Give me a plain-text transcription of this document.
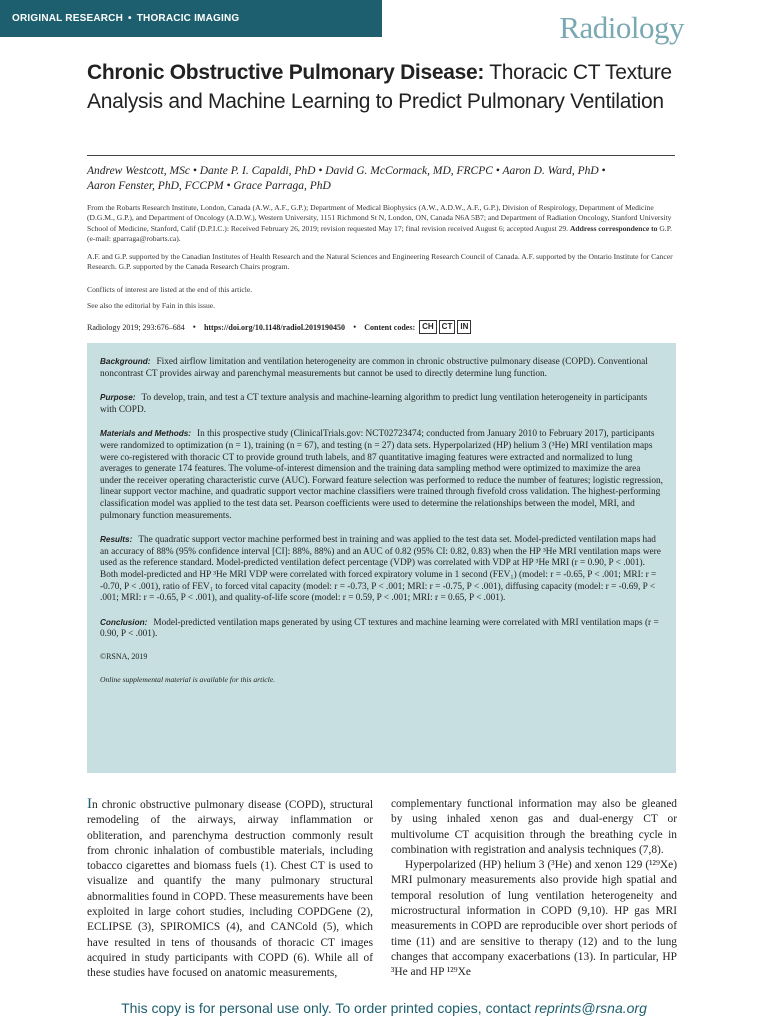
ORIGINAL RESEARCH • THORACIC IMAGING	Radiology
Chronic Obstructive Pulmonary Disease: Thoracic CT Texture Analysis and Machine Learning to Predict Pulmonary Ventilation
Andrew Westcott, MSc • Dante P. I. Capaldi, PhD • David G. McCormack, MD, FRCPC • Aaron D. Ward, PhD •
Aaron Fenster, PhD, FCCPM • Grace Parraga, PhD
From the Robarts Research Institute, London, Canada (A.W., A.F., G.P.); Department of Medical Biophysics (A.W., A.D.W., A.F., G.P.), Division of Respirology, Department of Medicine (D.G.M., G.P.), and Department of Oncology (A.D.W.), Western University, 1151 Richmond St N, London, ON, Canada N6A 5B7; and Department of Radiation Oncology, Stanford University School of Medicine, Stanford, Calif (D.P.I.C.): Received February 26, 2019; revision requested May 17; final revision received August 6; accepted August 29. Address correspondence to G.P. (e-mail: gparraga@robarts.ca).
A.F. and G.P. supported by the Canadian Institutes of Health Research and the Natural Sciences and Engineering Research Council of Canada. A.F. supported by the Ontario Institute for Cancer Research. G.P. supported by the Canada Research Chairs program.
Conflicts of interest are listed at the end of this article.
See also the editorial by Fain in this issue.
Radiology 2019; 293:676–684 • https://doi.org/10.1148/radiol.2019190450 • Content codes: CH	CT	IN

Background: Fixed airflow limitation and ventilation heterogeneity are common in chronic obstructive pulmonary disease (COPD). Conventional noncontrast CT provides airway and parenchymal measurements but cannot be used to directly determine lung function.

Purpose: To develop, train, and test a CT texture analysis and machine-learning algorithm to predict lung ventilation heterogeneity in participants with COPD.

Materials and Methods: In this prospective study (ClinicalTrials.gov: NCT02723474; conducted from January 2010 to February 2017), participants were randomized to optimization (n = 1), training (n = 67), and testing (n = 27) data sets. Hyperpolarized (HP) helium 3 (³He) MRI ventilation maps were co-registered with thoracic CT to provide ground truth labels, and 87 quantitative imaging features were extracted and normalized to lung averages to generate 174 features. The volume-of-interest dimension and the training data sampling method were optimized to maximize the area under the receiver operating characteristic curve (AUC). Forward feature selection was performed to reduce the number of features; logistic regression, linear support vector machine, and quadratic support vector machine classifiers were trained through fivefold cross validation. The highest-performing classification model was applied to the test data set. Pearson coefficients were used to determine the relationships between the model, MRI, and pulmonary function measurements.

Results: The quadratic support vector machine performed best in training and was applied to the test data set. Model-predicted ventilation maps had an accuracy of 88% (95% confidence interval [CI]: 88%, 88%) and an AUC of 0.82 (95% CI: 0.82, 0.83) when the HP ³He MRI ventilation maps were used as the reference standard. Model-predicted ventilation defect percentage (VDP) was correlated with VDP at HP ³He MRI (r = 0.90, P < .001). Both model-predicted and HP ³He MRI VDP were correlated with forced expiratory volume in 1 second (FEV₁) (model: r = -0.65, P < .001; MRI: r = -0.70, P < .001), ratio of FEV₁ to forced vital capacity (model: r = -0.73, P < .001; MRI: r = -0.75, P < .001), diffusing capacity (model: r = -0.69, P < .001; MRI: r = -0.65, P < .001), and quality-of-life score (model: r = 0.59, P < .001; MRI: r = 0.65, P < .001).

Conclusion: Model-predicted ventilation maps generated by using CT textures and machine learning were correlated with MRI ventilation maps (r = 0.90, P < .001).

©RSNA, 2019
Online supplemental material is available for this article.

In chronic obstructive pulmonary disease (COPD), structural remodeling of the airways, airway inflammation or obliteration, and parenchyma destruction commonly result from chronic inhalation of combustible materials, including tobacco cigarettes and biomass fuels (1). Chest CT is used to visualize and quantify the many pulmonary structural abnormalities found in COPD. These measurements have been exploited in large cohort studies, including COPDGene (2), ECLIPSE (3), SPIROMICS (4), and CANCold (5), which have resulted in tens of thousands of thoracic CT images acquired in study participants with COPD (6). While all of these studies have focused on anatomic measurements,

complementary functional information may also be gleaned by using inhaled xenon gas and dual-energy CT or multivolume CT acquisition through the breathing cycle in combination with registration and analysis techniques (7,8).

Hyperpolarized (HP) helium 3 (³He) and xenon 129 (¹²⁹Xe) MRI pulmonary measurements also provide high spatial and temporal resolution of lung ventilation heterogeneity and microstructural information in COPD (9,10). HP gas MRI measurements in COPD are reproducible over short periods of time (11) and are sensitive to therapy (12) and to the lung changes that accompany exacerbations (13). In particular, HP ³He and HP ¹²⁹Xe

This copy is for personal use only. To order printed copies, contact reprints@rsna.org
